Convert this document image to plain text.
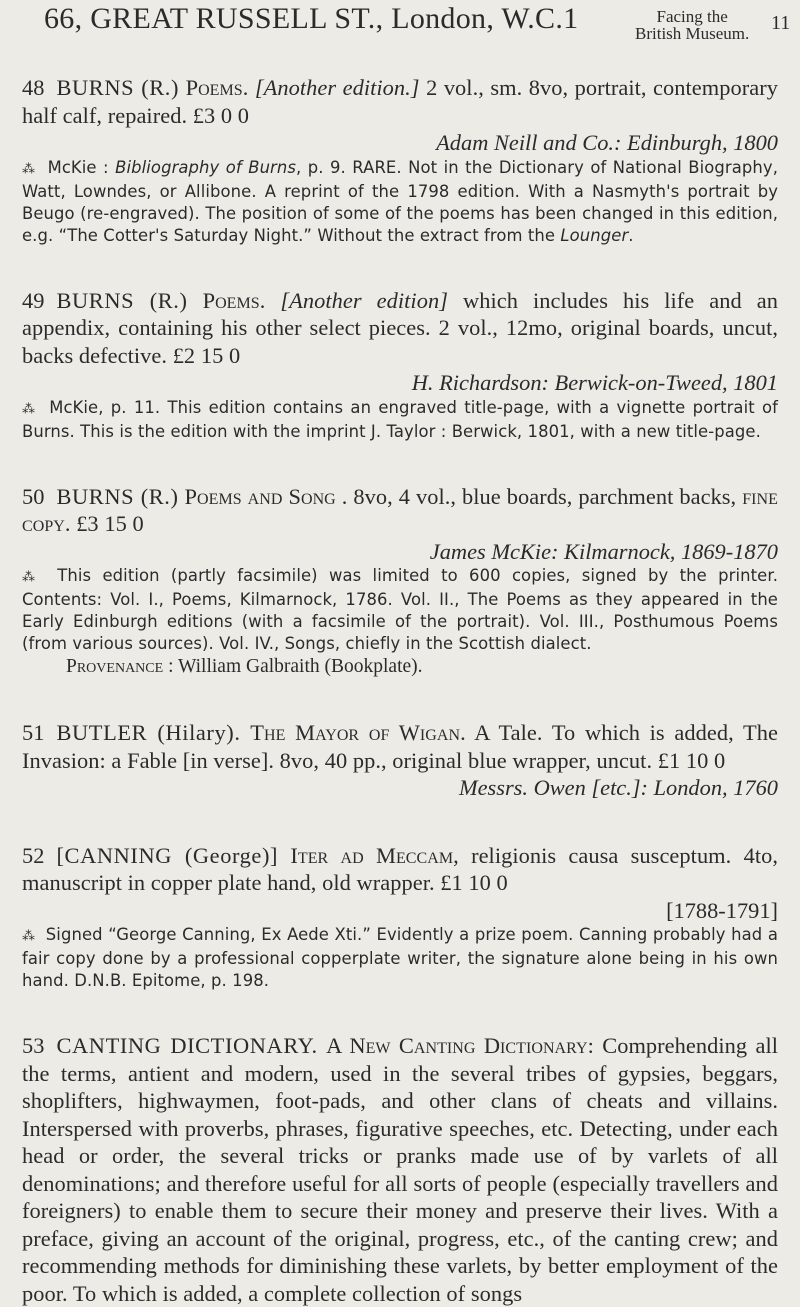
66, GREAT RUSSELL ST., London, W.C.1	Facing the
British Museum. 11

48 BURNS (R.) Poems. [Another edition.] 2 vol., sm. 8vo, portrait, contemporary half calf, repaired. £3 0 0

Adam Neill and Co.: Edinburgh, 1800

⁂ McKie : Bibliography of Burns, p. 9. RARE. Not in the Dictionary of National Biography, Watt, Lowndes, or Allibone. A reprint of the 1798 edition. With a Nasmyth's portrait by Beugo (re-engraved). The position of some of the poems has been changed in this edition, e.g. “The Cotter's Saturday Night.” Without the extract from the Lounger.

49 BURNS (R.) Poems. [Another edition] which includes his life and an appendix, containing his other select pieces. 2 vol., 12mo, original boards, uncut, backs defective. £2 15 0

H. Richardson: Berwick-on-Tweed, 1801

⁂ McKie, p. 11. This edition contains an engraved title-page, with a vignette portrait of Burns. This is the edition with the imprint J. Taylor : Berwick, 1801, with a new title-page.

50 BURNS (R.) Poems and Song . 8vo, 4 vol., blue boards, parchment backs, fine copy. £3 15 0

James McKie: Kilmarnock, 1869-1870

⁂ This edition (partly facsimile) was limited to 600 copies, signed by the printer. Contents: Vol. I., Poems, Kilmarnock, 1786. Vol. II., The Poems as they appeared in the Early Edinburgh editions (with a facsimile of the portrait). Vol. III., Posthumous Poems (from various sources). Vol. IV., Songs, chiefly in the Scottish dialect.

Provenance : William Galbraith (Bookplate).

51 BUTLER (Hilary). The Mayor of Wigan. A Tale. To which is added, The Invasion: a Fable [in verse]. 8vo, 40 pp., original blue wrapper, uncut. £1 10 0

Messrs. Owen [etc.]: London, 1760

52 [CANNING (George)] Iter ad Meccam, religionis causa susceptum. 4to, manuscript in copper plate hand, old wrapper. £1 10 0

[1788-1791]

⁂ Signed “George Canning, Ex Aede Xti.” Evidently a prize poem. Canning probably had a fair copy done by a professional copperplate writer, the signature alone being in his own hand. D.N.B. Epitome, p. 198.

53 CANTING DICTIONARY. A New Canting Dictionary: Comprehending all the terms, antient and modern, used in the several tribes of gypsies, beggars, shoplifters, highwaymen, foot-pads, and other clans of cheats and villains. Interspersed with proverbs, phrases, figurative speeches, etc. Detecting, under each head or order, the several tricks or pranks made use of by varlets of all denominations; and therefore useful for all sorts of people (especially travellers and foreigners) to enable them to secure their money and preserve their lives. With a preface, giving an account of the original, progress, etc., of the canting crew; and recommending methods for diminishing these varlets, by better employment of the poor. To which is added, a complete collection of songs
